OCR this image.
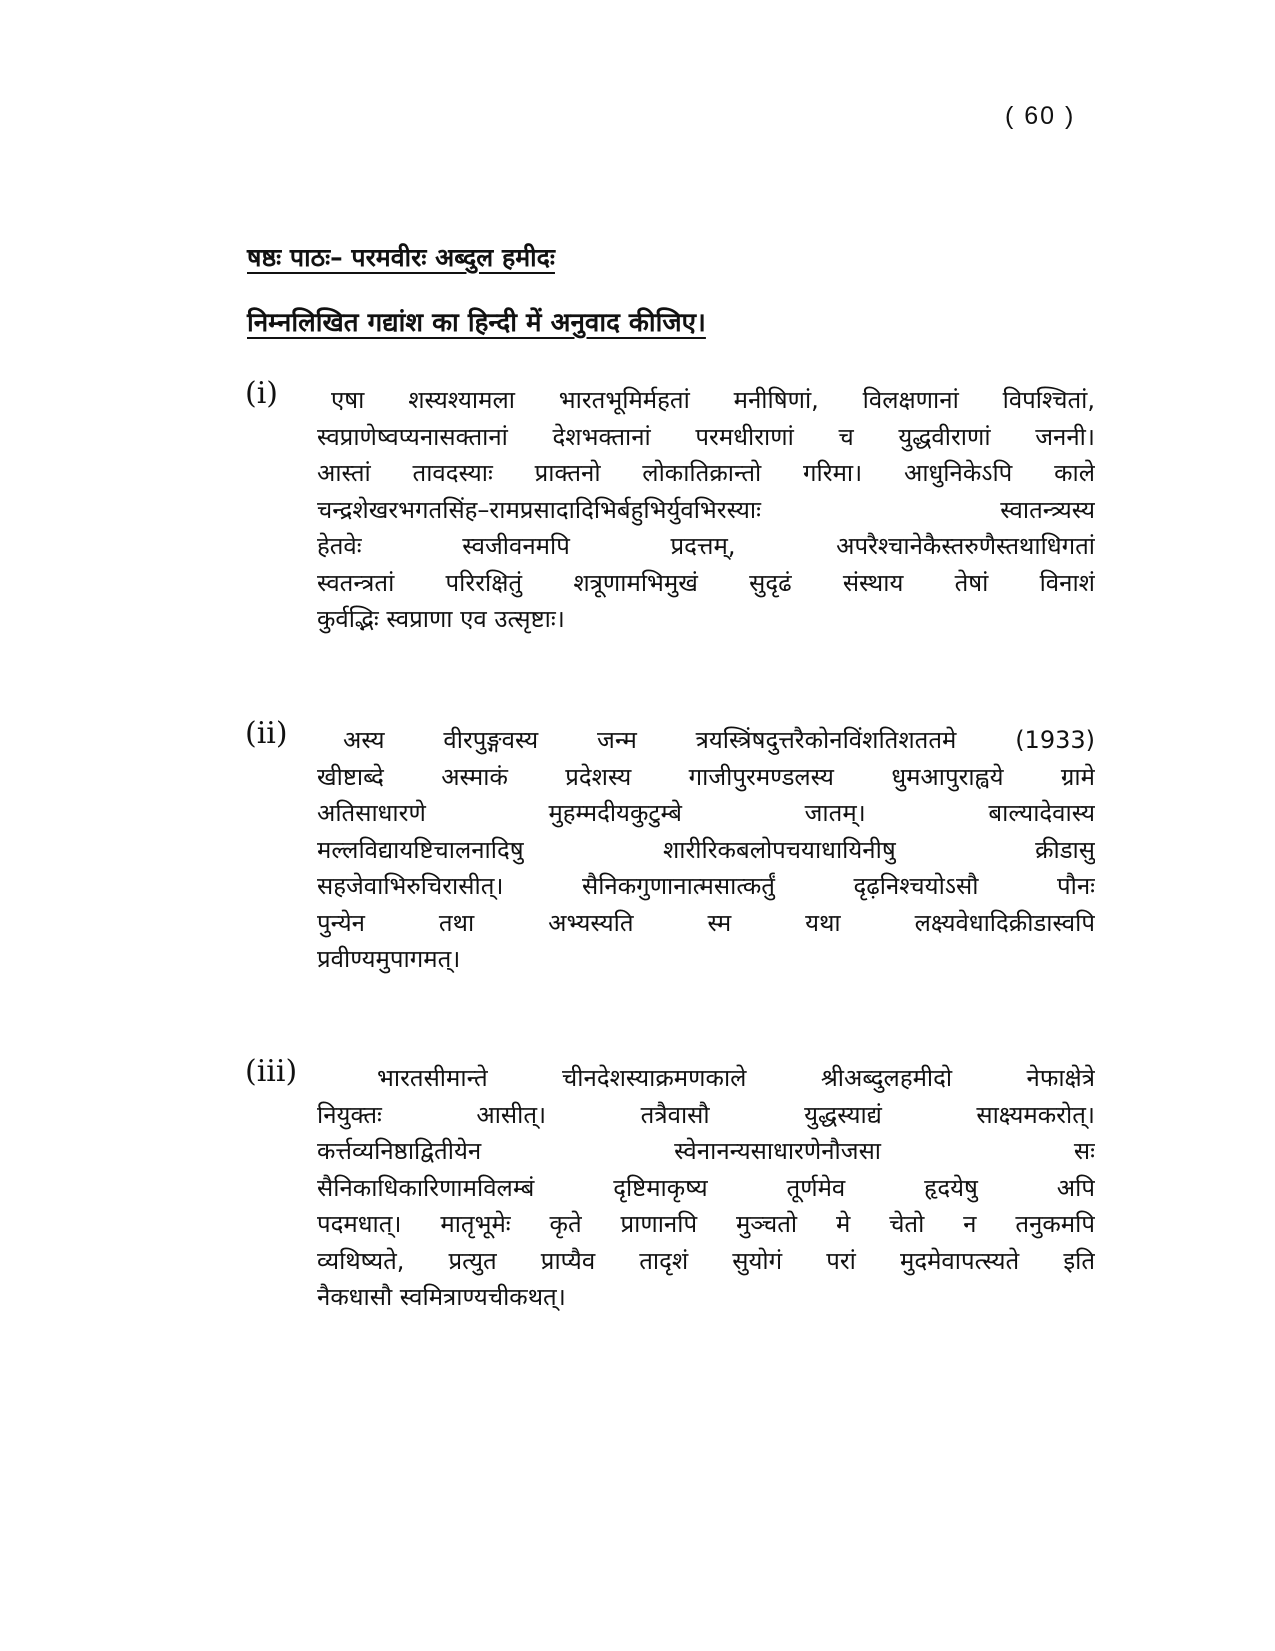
( 60 )
षष्ठः पाठः– परमवीरः अब्दुल हमीदः
निम्नलिखित गद्यांश का हिन्दी में अनुवाद कीजिए।
(i)	एषा शस्यश्यामला भारतभूमिर्महतां मनीषिणां, विलक्षणानां विपश्चितां,
स्वप्राणेष्वप्यनासक्तानां देशभक्तानां परमधीराणां च युद्धवीराणां जननी।
आस्तां तावदस्याः प्राक्तनो लोकातिक्रान्तो गरिमा। आधुनिकेऽपि काले
चन्द्रशेखरभगतसिंह–रामप्रसादादिभिर्बहुभिर्युवभिरस्याः स्वातन्त्र्यस्य
हेतवेः स्वजीवनमपि प्रदत्तम्, अपरैश्चानेकैस्तरुणैस्तथाधिगतां
स्वतन्त्रतां परिरक्षितुं शत्रूणामभिमुखं सुदृढं संस्थाय तेषां विनाशं
कुर्वद्भिः स्वप्राणा एव उत्सृष्टाः।
(ii)	अस्य वीरपुङ्गवस्य जन्म त्रयस्त्रिंषदुत्तरैकोनविंशतिशततमे (1933)
खीष्टाब्दे अस्माकं प्रदेशस्य गाजीपुरमण्डलस्य धुमआपुराह्वये ग्रामे
अतिसाधारणे मुहम्मदीयकुटुम्बे जातम्। बाल्यादेवास्य
मल्लविद्यायष्टिचालनादिषु शारीरिकबलोपचयाधायिनीषु क्रीडासु
सहजेवाभिरुचिरासीत्। सैनिकगुणानात्मसात्कर्तुं दृढ़निश्चयोऽसौ पौनः
पुन्येन तथा अभ्यस्यति स्म यथा लक्ष्यवेधादिक्रीडास्वपि
प्रवीण्यमुपागमत्।
(iii)	भारतसीमान्ते चीनदेशस्याक्रमणकाले श्रीअब्दुलहमीदो नेफाक्षेत्रे
नियुक्तः आसीत्। तत्रैवासौ युद्धस्याद्यं साक्ष्यमकरोत्।
कर्त्तव्यनिष्ठाद्वितीयेन स्वेनानन्यसाधारणेनौजसा सः
सैनिकाधिकारिणामविलम्बं दृष्टिमाकृष्य तूर्णमेव हृदयेषु अपि
पदमधात्। मातृभूमेः कृते प्राणानपि मुञ्चतो मे चेतो न तनुकमपि
व्यथिष्यते, प्रत्युत प्राप्यैव तादृशं सुयोगं परां मुदमेवापत्स्यते इति
नैकधासौ स्वमित्राण्यचीकथत्।
